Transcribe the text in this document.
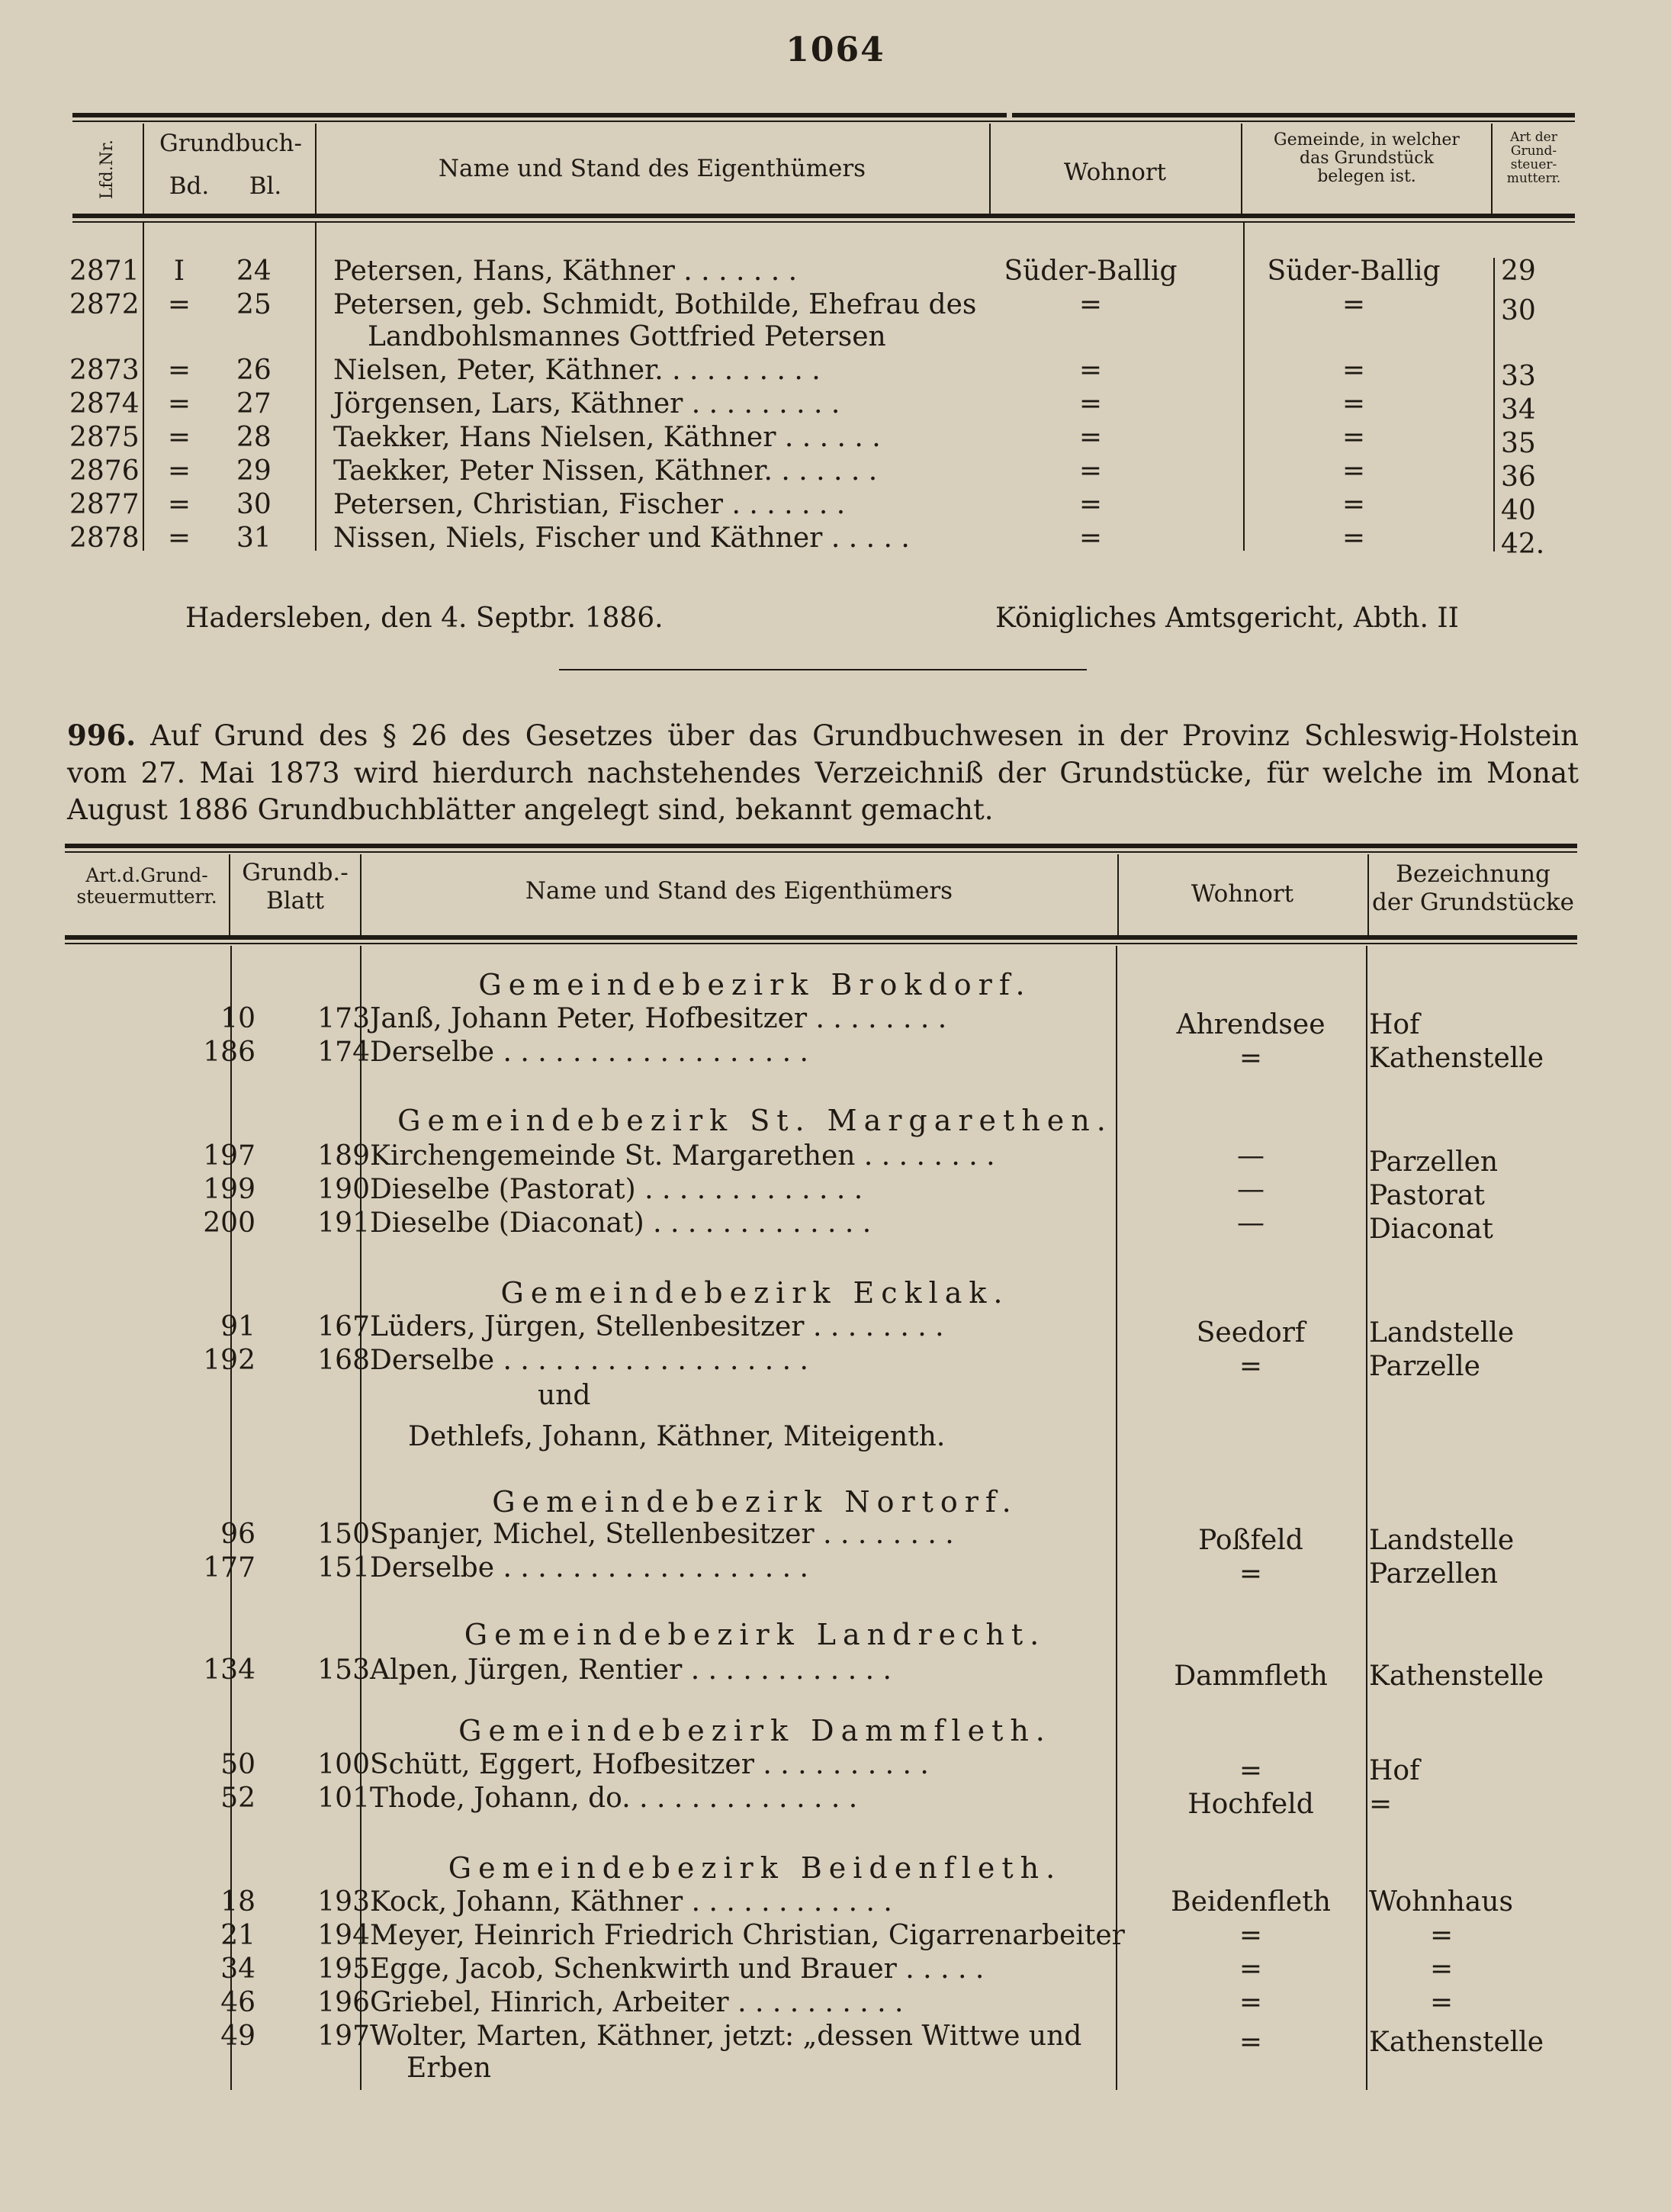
1064
Lfd.Nr.	Grundbuch-
Bd.	Bl.
Name und Stand des Eigenthümers	Wohnort
Gemeinde, in welcher
das Grundstück
belegen ist.
Art der
Grund-
steuer-
mutterr.
2871	I	24 Petersen, Hans, Käthner . . . . . . .	Süder-Ballig	Süder-Ballig	29
2872	=	25 Petersen, geb. Schmidt, Bothilde, Ehefrau des	=	=	30
Landbohlsmannes Gottfried Petersen
2873	=	26 Nielsen, Peter, Käthner. . . . . . . . . .	=	=	33
2874	=	27 Jörgensen, Lars, Käthner . . . . . . . . .	=	=	34
2875	=	28 Taekker, Hans Nielsen, Käthner . . . . . .	=	=	35
2876	=	29 Taekker, Peter Nissen, Käthner. . . . . . .	=	=	36
2877	=	30 Petersen, Christian, Fischer . . . . . . .	=	=	40
2878	=	31 Nissen, Niels, Fischer und Käthner . . . . .	=	=	42.
Hadersleben, den 4. Septbr. 1886.	Königliches Amtsgericht, Abth. II
996. Auf Grund des § 26 des Gesetzes über das Grundbuchwesen in der Provinz Schleswig-Holstein
vom 27. Mai 1873 wird hierdurch nachstehendes Verzeichniß der Grundstücke, für welche im Monat
August 1886 Grundbuchblätter angelegt sind, bekannt gemacht.
Art.d.Grund-
steuermutterr.
Grundb.-
Blatt	Name und Stand des Eigenthümers	Wohnort
Bezeichnung
der Grundstücke
Gemeindebezirk Brokdorf.
10	173 Janß, Johann Peter, Hofbesitzer . . . . . . . .	Ahrendsee	Hof
186	174 Derselbe . . . . . . . . . . . . . . . . . .	=	Kathenstelle
Gemeindebezirk St. Margarethen.
197	189 Kirchengemeinde St. Margarethen . . . . . . . .	—	Parzellen
199	190 Dieselbe (Pastorat) . . . . . . . . . . . . .	—	Pastorat
200	191 Dieselbe (Diaconat) . . . . . . . . . . . . .	—	Diaconat
Gemeindebezirk Ecklak.
91	167 Lüders, Jürgen, Stellenbesitzer . . . . . . . .	Seedorf	Landstelle
192	168 Derselbe . . . . . . . . . . . . . . . . . .	=	Parzelle
und
Dethlefs, Johann, Käthner, Miteigenth.
Gemeindebezirk Nortorf.
96	150 Spanjer, Michel, Stellenbesitzer . . . . . . . .	Poßfeld	Landstelle
177	151 Derselbe . . . . . . . . . . . . . . . . . .	=	Parzellen
Gemeindebezirk Landrecht.
134	153 Alpen, Jürgen, Rentier . . . . . . . . . . . .	Dammfleth	Kathenstelle
Gemeindebezirk Dammfleth.
50	100 Schütt, Eggert, Hofbesitzer . . . . . . . . . .	=	Hof
52	101 Thode, Johann, do. . . . . . . . . . . . . .	Hochfeld	=
Gemeindebezirk Beidenfleth.
18	193 Kock, Johann, Käthner . . . . . . . . . . . .	Beidenfleth	Wohnhaus
21	194 Meyer, Heinrich Friedrich Christian, Cigarrenarbeiter	=	=
34	195 Egge, Jacob, Schenkwirth und Brauer . . . . .	=	=
46	196 Griebel, Hinrich, Arbeiter . . . . . . . . . .	=	=
49	197 Wolter, Marten, Käthner, jetzt: „dessen Wittwe und	=	Kathenstelle
Erben
